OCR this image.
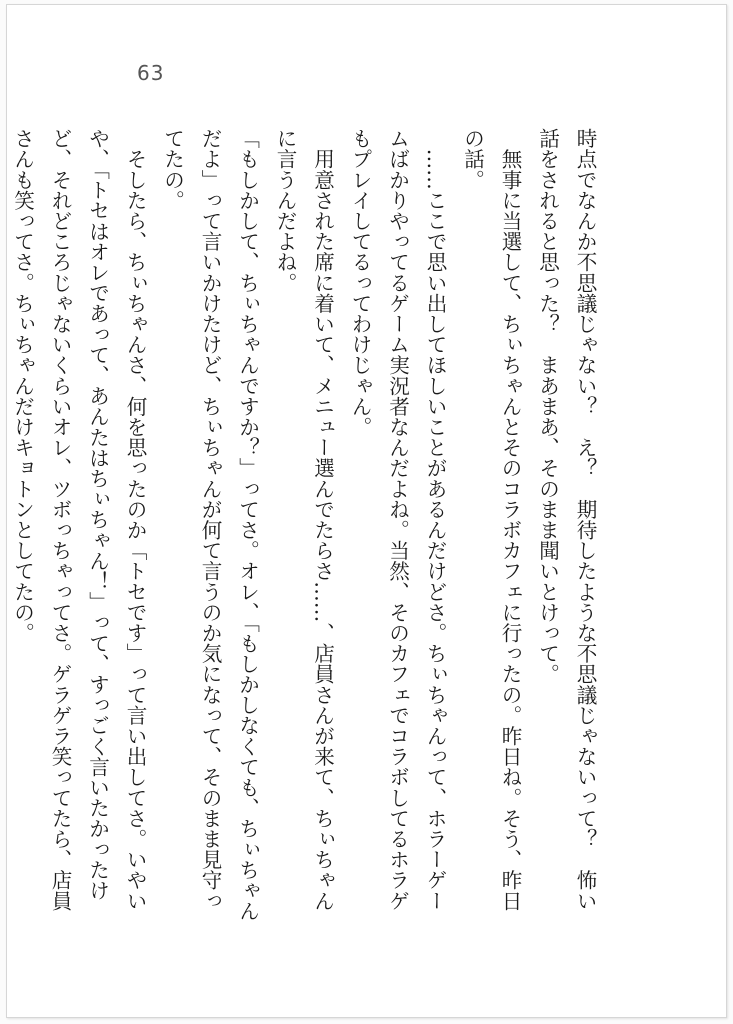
63

時点でなんか不思議じゃない？　え？　期待したような不思議じゃないって？　怖い話をされると思った？　まあまあ、そのまま聞いとけって。

　無事に当選して、ちぃちゃんとそのコラボカフェに行ったの。昨日ね。そう、昨日の話。

　……ここで思い出してほしいことがあるんだけどさ。ちぃちゃんって、ホラーゲームばかりやってるゲーム実況者なんだよね。当然、そのカフェでコラボしてるホラゲもプレイしてるってわけじゃん。

　用意された席に着いて、メニュー選んでたらさ……、店員さんが来て、ちぃちゃんに言うんだよね。

「もしかして、ちぃちゃんですか？」ってさ。オレ、「もしかしなくても、ちぃちゃんだよ」って言いかけたけど、ちぃちゃんが何て言うのか気になって、そのまま見守ってたの。

　そしたら、ちぃちゃんさ、何を思ったのか「トセです」って言い出してさ。いやいや、「トセはオレであって、あんたはちぃちゃん！」って、すっごく言いたかったけど、それどころじゃないくらいオレ、ツボっちゃってさ。ゲラゲラ笑ってたら、店員さんも笑ってさ。ちぃちゃんだけキョトンとしてたの。
